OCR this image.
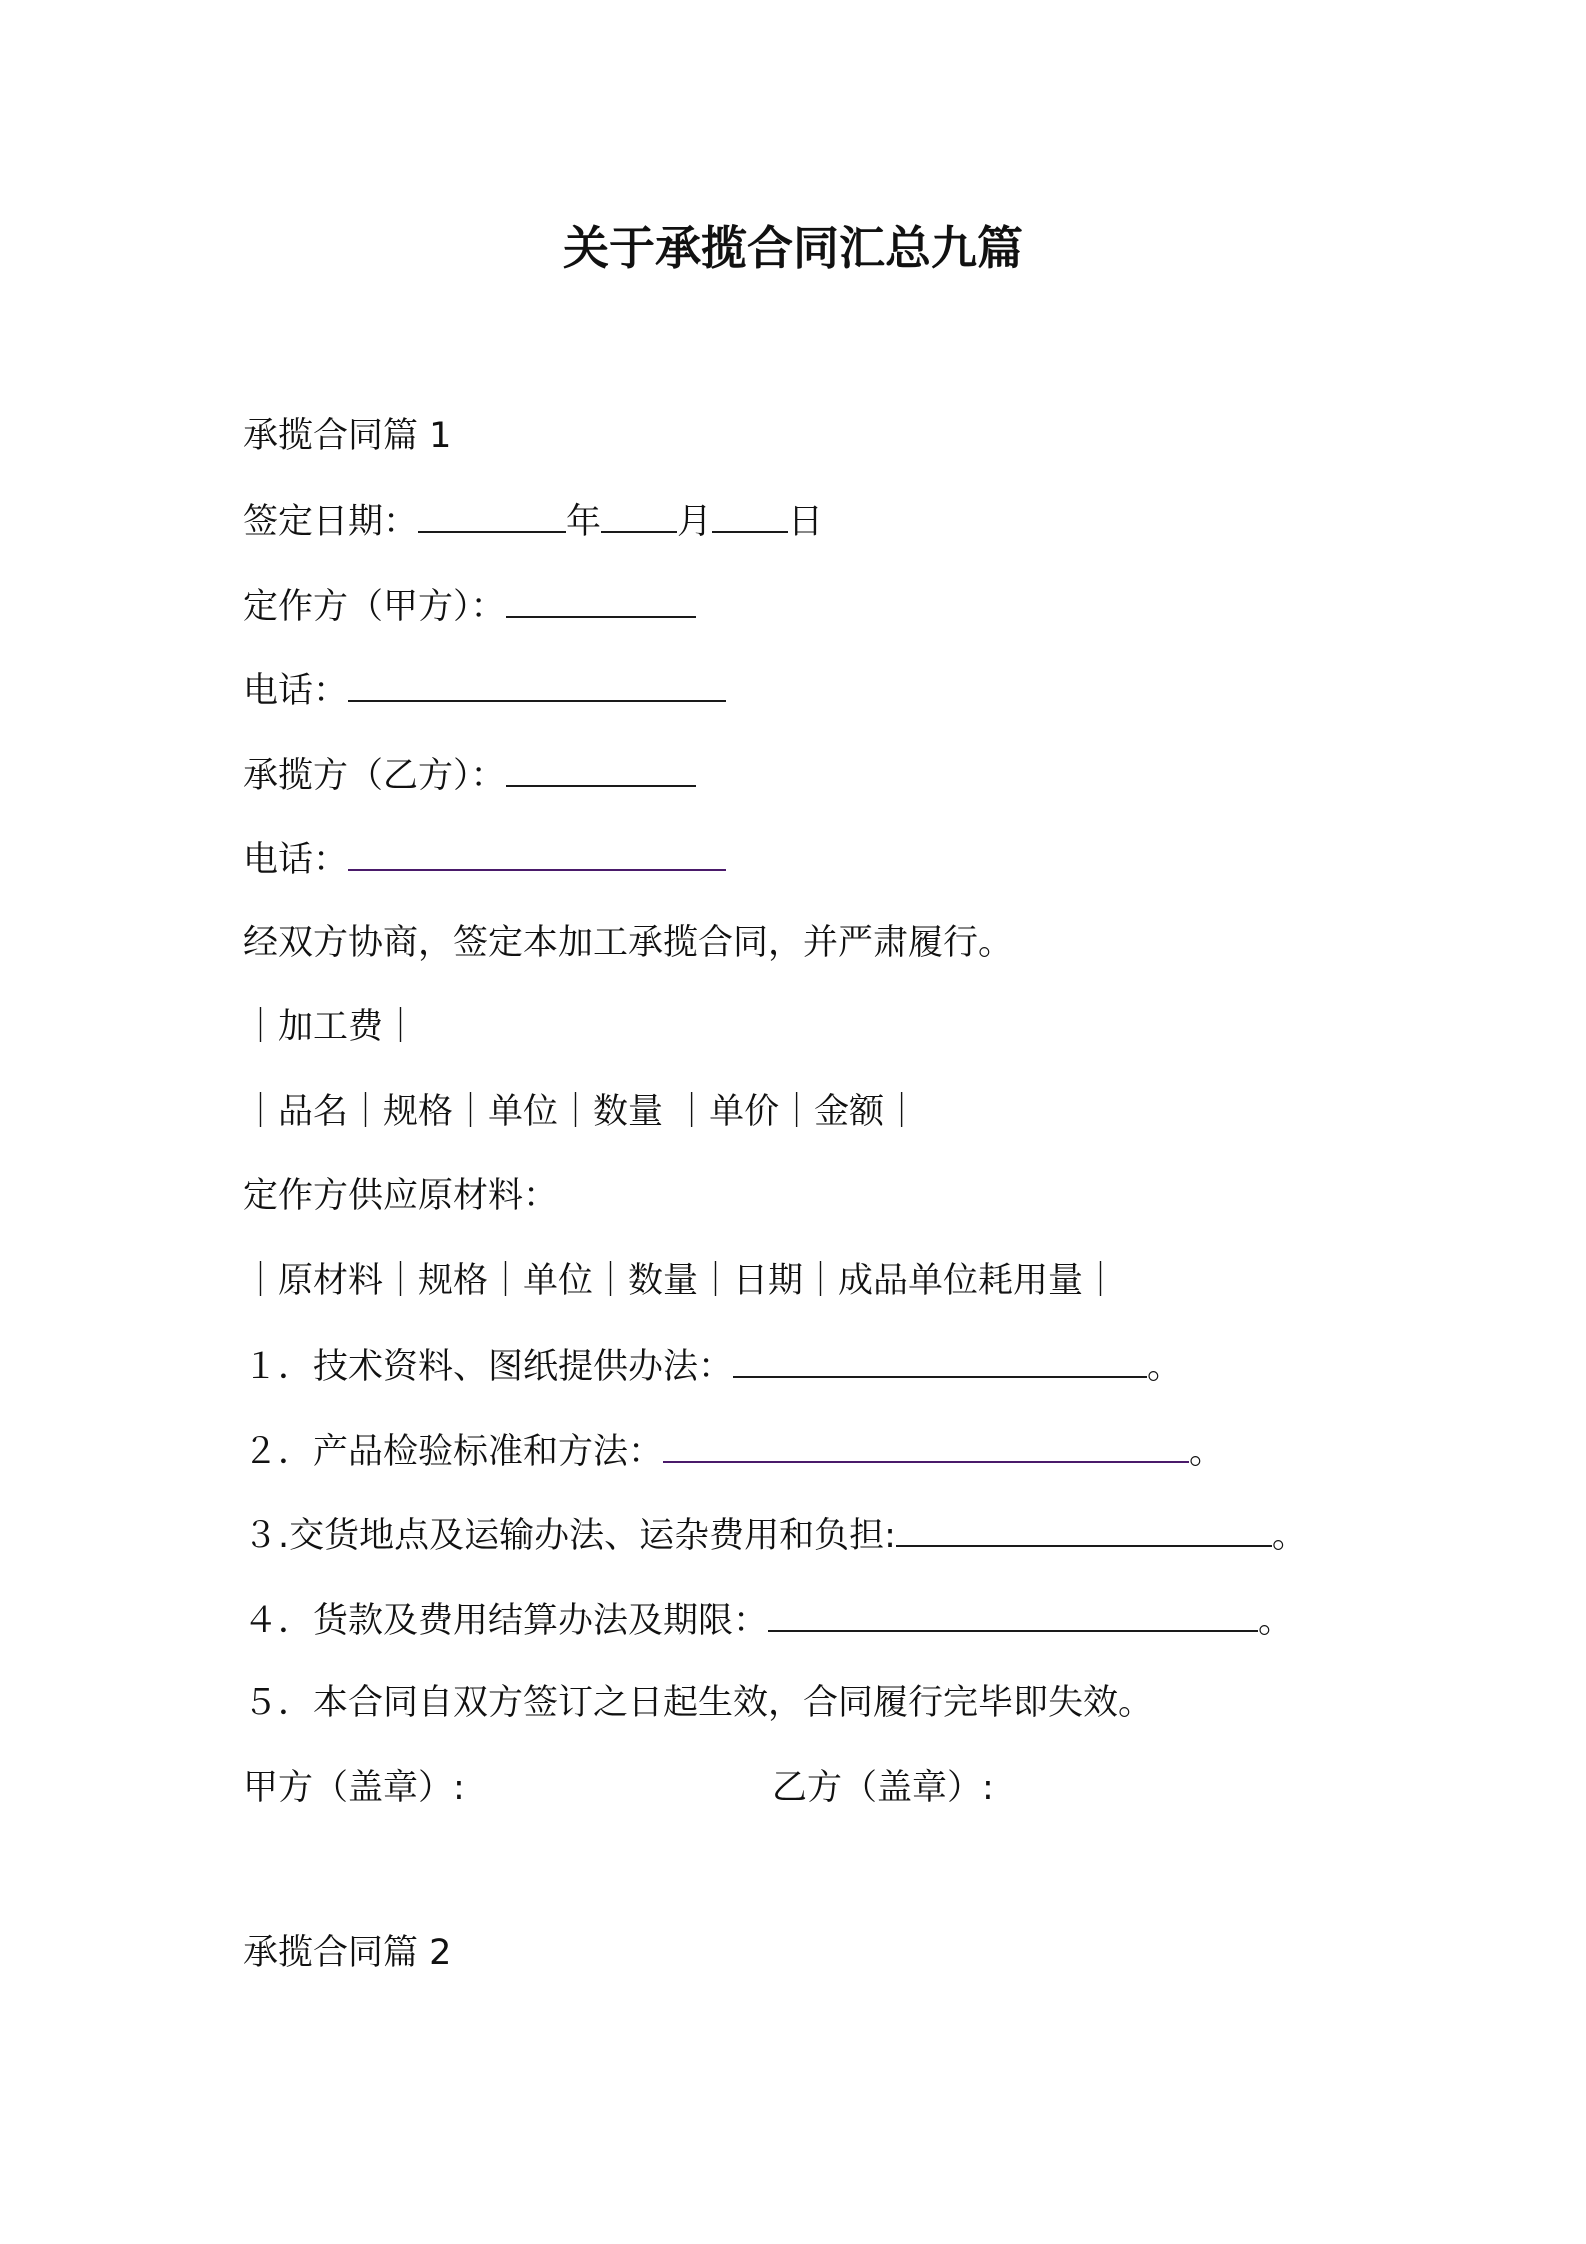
关于承揽合同汇总九篇
承揽合同篇 1
签定日期：	年 月 日
定作方（甲方）：
电话：
承揽方（乙方）：
电话：
经双方协商，签定本加工承揽合同，并严肃履行。
｜加工费｜
｜品名｜规格｜单位｜数量 ｜单价｜金额｜
定作方供应原材料：
｜原材料｜规格｜单位｜数量｜日期｜成品单位耗用量｜
１．技术资料、图纸提供办法：	。
２．产品检验标准和方法：	。
３.交货地点及运输办法、运杂费用和负担:	。
４．货款及费用结算办法及期限：	。
５．本合同自双方签订之日起生效，合同履行完毕即失效。
甲方（盖章）:	乙方（盖章）:
承揽合同篇 2
